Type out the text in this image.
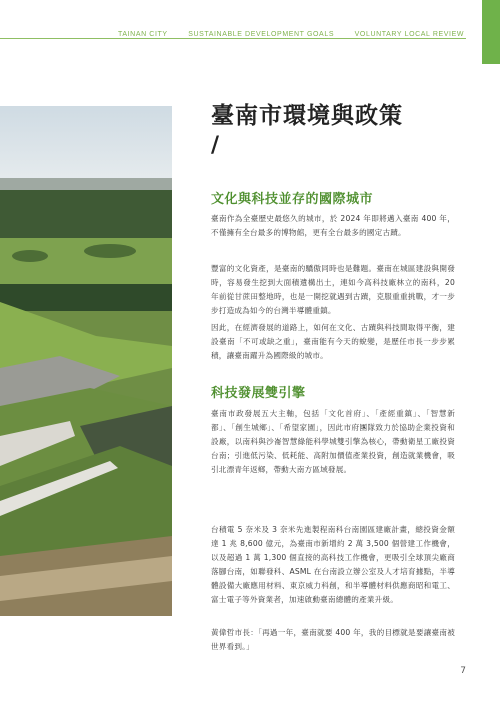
TAINAN CITY	SUSTAINABLE DEVELOPMENT GOALS	VOLUNTARY LOCAL REVIEW
臺南市環境與政策
/
文化與科技並存的國際城市
臺南作為全臺歷史最悠久的城市，於 2024 年即將邁入臺南 400 年，不僅擁有全台最多的博物館，更有全台最多的國定古蹟。
豐富的文化資產，是臺南的驕傲同時也是難題。臺南在城區建設與開發時，容易發生挖到大面積遺構出土，連如今高科技廠林立的南科，20 年前從甘蔗田整地時，也是一開挖就遇到古蹟，克服重重挑戰，才一步步打造成為如今的台灣半導體重鎮。
因此，在經濟發展的道路上，如何在文化、古蹟與科技間取得平衡，建設臺南「不可或缺之重」，臺南能有今天的蛻變，是歷任市長一步步累積，讓臺南躍升為國際級的城市。
科技發展雙引擎
臺南市政發展五大主軸，包括「文化首府」、「產經重鎮」、「智慧新都」、「創生城鄉」、「希望家園」，因此市府團隊致力於協助企業投資和設廠，以南科與沙崙智慧綠能科學城雙引擎為核心，帶動衛星工廠投資台南；引進低污染、低耗能、高附加價值產業投資，創造就業機會，吸引北漂青年返鄉，帶動大南方區域發展。
台積電 5 奈米及 3 奈米先進製程南科台南園區建廠計畫，總投資金額達 1 兆 8,600 億元，為臺南市新增約 2 萬 3,500 個營建工作機會，以及超過 1 萬 1,300 個直接的高科技工作機會，更吸引全球頂尖廠商落腳台南，如聯發科、ASML 在台南設立辦公室及人才培育據點，半導體設備大廠應用材料、東京威力科創，和半導體材料供應商昭和電工、富士電子等外資業者，加速啟動臺南總體的產業升級。
黃偉哲市長：「再過一年，臺南就要 400 年，我的目標就是要讓臺南被世界看到。」
7
